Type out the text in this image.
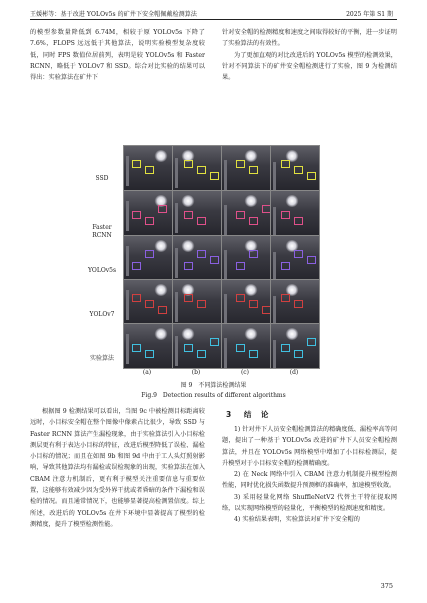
王媛彬等：基于改进 YOLOv5s 的矿井下安全帽佩戴检测算法	2025 年第 S1 期

的模型参数量降低到 6.74M，相较于原 YOLOv5s 下降了 7.6%，FLOPS 远远低于其他算法，说明实验模型复杂度较低，同时 FPS 数值位居前列，表明是较 YOLOv5s 和 Faster RCNN，略低于 YOLOv7 和 SSD。综合对比实验的结果可以得出：实验算法在矿井下

针对安全帽的检测精度和速度之间取得较好的平衡，进一步证明了实验算法的有效性。

为了更加直观的对比改进后的 YOLOv5s 模型的检测效果，针对不同算法下的矿井安全帽检测进行了实验，图 9 为检测结果。

SSD
Faster RCNN
YOLOv5s
YOLOv7
实验算法
(a)	(b)	(c)	(d)
图 9　不同算法检测结果
Fig.9　Detection results of different algorithms

根据图 9 检测结果可以看出，当图 9c 中被检测目标距离较远时，小目标安全帽在整个图像中像素占比很少，导致 SSD 与 Faster RCNN 算法产生漏检现象，由于实验算法引入小目标检测层更有利于表达小目标的特征，改进后模型降低了误检、漏检小目标的情况；而且在如图 9b 和图 9d 中由于工人头灯照射影响，导致其他算法均有漏检或误检现象的出现，实验算法在加入 CBAM 注意力机制后，更有利于模型关注重要信息与重要位置，这能够有效减少因为受外界干扰或者昏暗的条件下漏检和误检的情况。而且通常情况下，也能够显著提高检测置信度。综上所述，改进后的 YOLOv5s 在井下环境中显著提高了模型的检测精度，提升了模型检测性能。

3 结　论

1) 针对井下人员安全帽检测算法的精确度低、漏检率高等问题，提出了一种基于 YOLOv5s 改进的矿井下人员安全帽检测算法，并且在 YOLOv5s 网络模型中增加了小目标检测层，提升模型对于小目标安全帽的检测精确度。

2) 在 Neck 网络中引入 CBAM 注意力机制提升模型检测性能，同时优化损失函数提升预测框的准确率，加速模型收敛。

3) 采用轻量化网络 ShuffleNetV2 代替主干特征提取网络，以实现网络模型的轻量化，平衡模型的检测速度和精度。

4) 实验结果表明，实验算法对矿井下安全帽的

375
